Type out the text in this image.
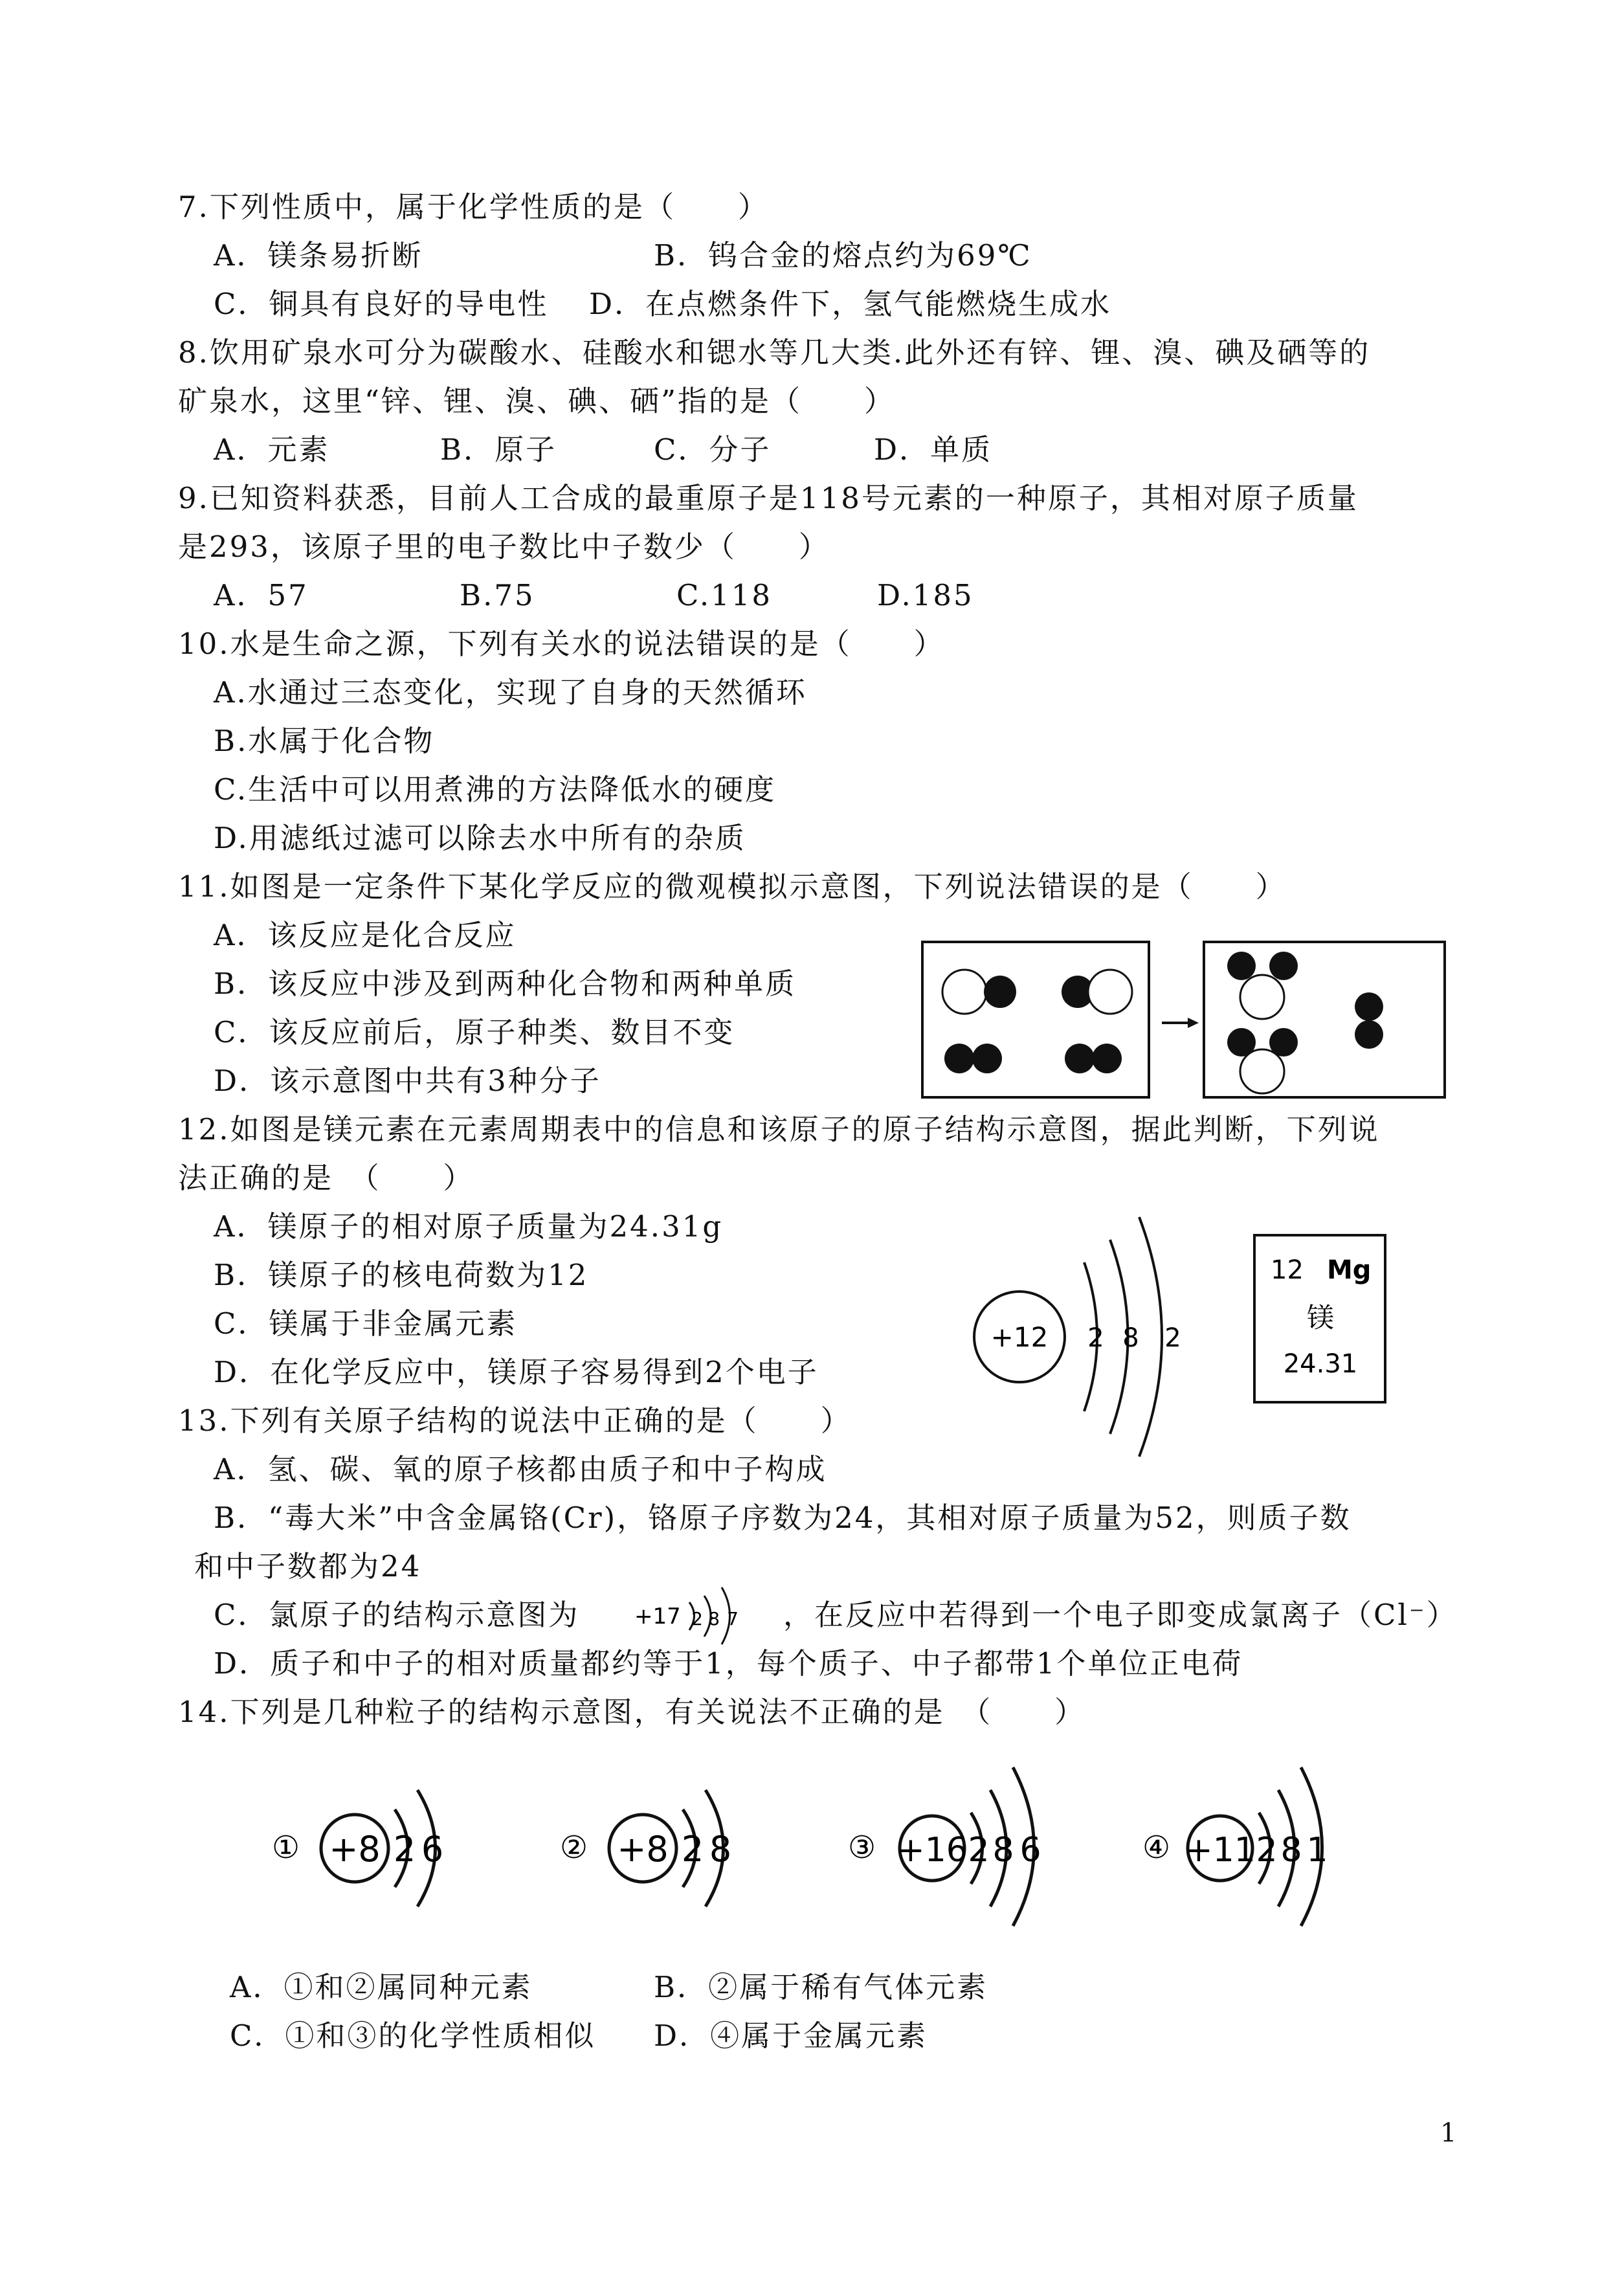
7.下列性质中，属于化学性质的是（　　）
A．镁条易折断	B．钨合金的熔点约为69℃
C．铜具有良好的导电性 D．在点燃条件下，氢气能燃烧生成水
8.饮用矿泉水可分为碳酸水、硅酸水和锶水等几大类.此外还有锌、锂、溴、碘及硒等的
矿泉水，这里“锌、锂、溴、碘、硒”指的是（　　）
A．元素	B．原子	C．分子	D．单质
9.已知资料获悉，目前人工合成的最重原子是118号元素的一种原子，其相对原子质量
是293，该原子里的电子数比中子数少（　　）
A．57	B.75	C.118	D.185
10.水是生命之源，下列有关水的说法错误的是（　　）
A.水通过三态变化，实现了自身的天然循环
B.水属于化合物
C.生活中可以用煮沸的方法降低水的硬度
D.用滤纸过滤可以除去水中所有的杂质
11.如图是一定条件下某化学反应的微观模拟示意图，下列说法错误的是（　　）
A．该反应是化合反应
B．该反应中涉及到两种化合物和两种单质
C．该反应前后，原子种类、数目不变
D．该示意图中共有3种分子
12.如图是镁元素在元素周期表中的信息和该原子的原子结构示意图，据此判断，下列说
法正确的是　（　　）
A．镁原子的相对原子质量为24.31g
B．镁原子的核电荷数为12
C．镁属于非金属元素
D．在化学反应中，镁原子容易得到2个电子
+12 2 8 2
12 Mg
镁
24.31
13.下列有关原子结构的说法中正确的是（　　）
A．氢、碳、氧的原子核都由质子和中子构成
B．“毒大米”中含金属铬(Cr)，铬原子序数为24，其相对原子质量为52，则质子数
和中子数都为24
C．氯原子的结构示意图为	，在反应中若得到一个电子即变成氯离子（Cl⁻）
D．质子和中子的相对质量都约等于1，每个质子、中子都带1个单位正电荷
+17 2 8 7
14.下列是几种粒子的结构示意图，有关说法不正确的是　（　　）
① +8 2 6	② +8 2 8	③ +16 2 8 6	④ +11 2 8 1
A．①和②属同种元素	B．②属于稀有气体元素
C．①和③的化学性质相似 D．④属于金属元素
1
